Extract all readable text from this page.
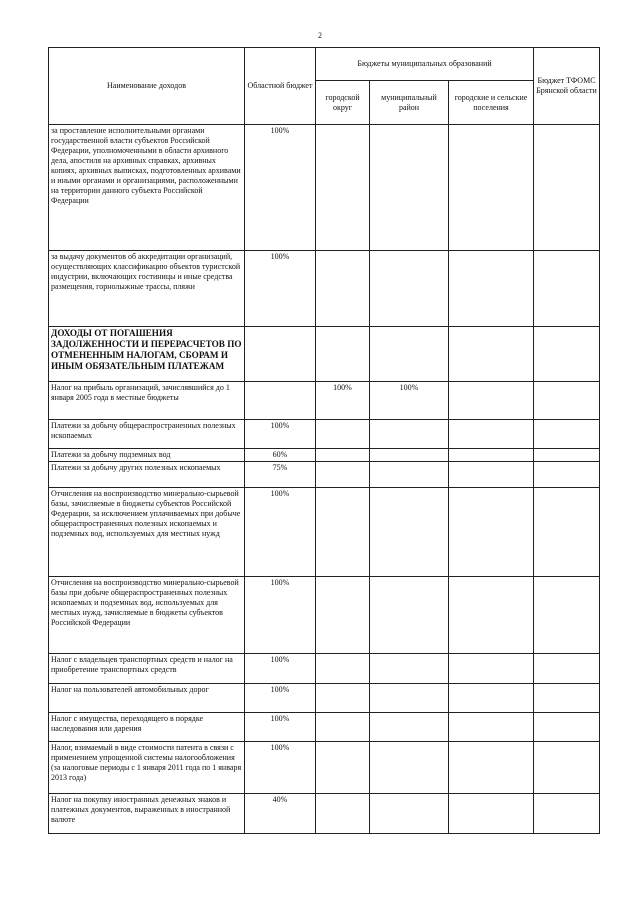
2
Наименование доходов	Областной бюджет	Бюджеты муниципальных образований			Бюджет ТФОМС Брянской области
		городской округ	муниципальный район	городские и сельские поселения	
за проставление исполнительными органами государственной власти субъектов Российской Федерации, уполномоченными в области архивного дела, апостиля на архивных справках, архивных копиях, архивных выписках, подготовленных архивами и иными органами и организациями, расположенными на территории данного субъекта Российской Федерации	100%				
за выдачу документов об аккредитации организаций, осуществляющих классификацию объектов туристской индустрии, включающих гостиницы и иные средства размещения, горнолыжные трассы, пляжи	100%				
ДОХОДЫ ОТ ПОГАШЕНИЯ ЗАДОЛЖЕННОСТИ И ПЕРЕРАСЧЕТОВ ПО ОТМЕНЕННЫМ НАЛОГАМ, СБОРАМ И ИНЫМ ОБЯЗАТЕЛЬНЫМ ПЛАТЕЖАМ					
Налог на прибыль организаций, зачислявшийся до 1 января 2005 года в местные бюджеты		100%	100%		
Платежи за добычу общераспространенных полезных ископаемых	100%				
Платежи за добычу подземных вод	60%				
Платежи за добычу других полезных ископаемых	75%				
Отчисления на воспроизводство минерально-сырьевой базы, зачисляемые в бюджеты субъектов Российской Федерации, за исключением уплачиваемых при добыче общераспространенных полезных ископаемых и подземных вод, используемых для местных нужд	100%				
Отчисления на воспроизводство минерально-сырьевой базы при добыче общераспространенных полезных ископаемых и подземных вод, используемых для местных нужд, зачисляемые в бюджеты субъектов Российской Федерации	100%				
Налог с владельцев транспортных средств и налог на приобретение транспортных средств	100%				
Налог на пользователей автомобильных дорог	100%				
Налог с имущества, переходящего в порядке наследования или дарения	100%				
Налог, взимаемый в виде стоимости патента в связи с применением упрощенной системы налогообложения (за налоговые периоды с 1 января 2011 года по 1 января 2013 года)	100%				
Налог на покупку иностранных денежных знаков и платежных документов, выраженных в иностранной валюте	40%				
